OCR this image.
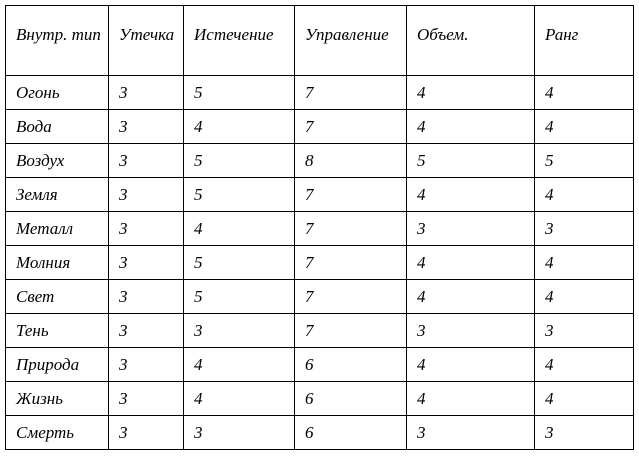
Внутр. тип	Утечка	Истечение	Управление	Объем.	Ранг
Огонь	3	5	7	4	4
Вода	3	4	7	4	4
Воздух	3	5	8	5	5
Земля	3	5	7	4	4
Металл	3	4	7	3	3
Молния	3	5	7	4	4
Свет	3	5	7	4	4
Тень	3	3	7	3	3
Природа	3	4	6	4	4
Жизнь	3	4	6	4	4
Смерть	3	3	6	3	3
